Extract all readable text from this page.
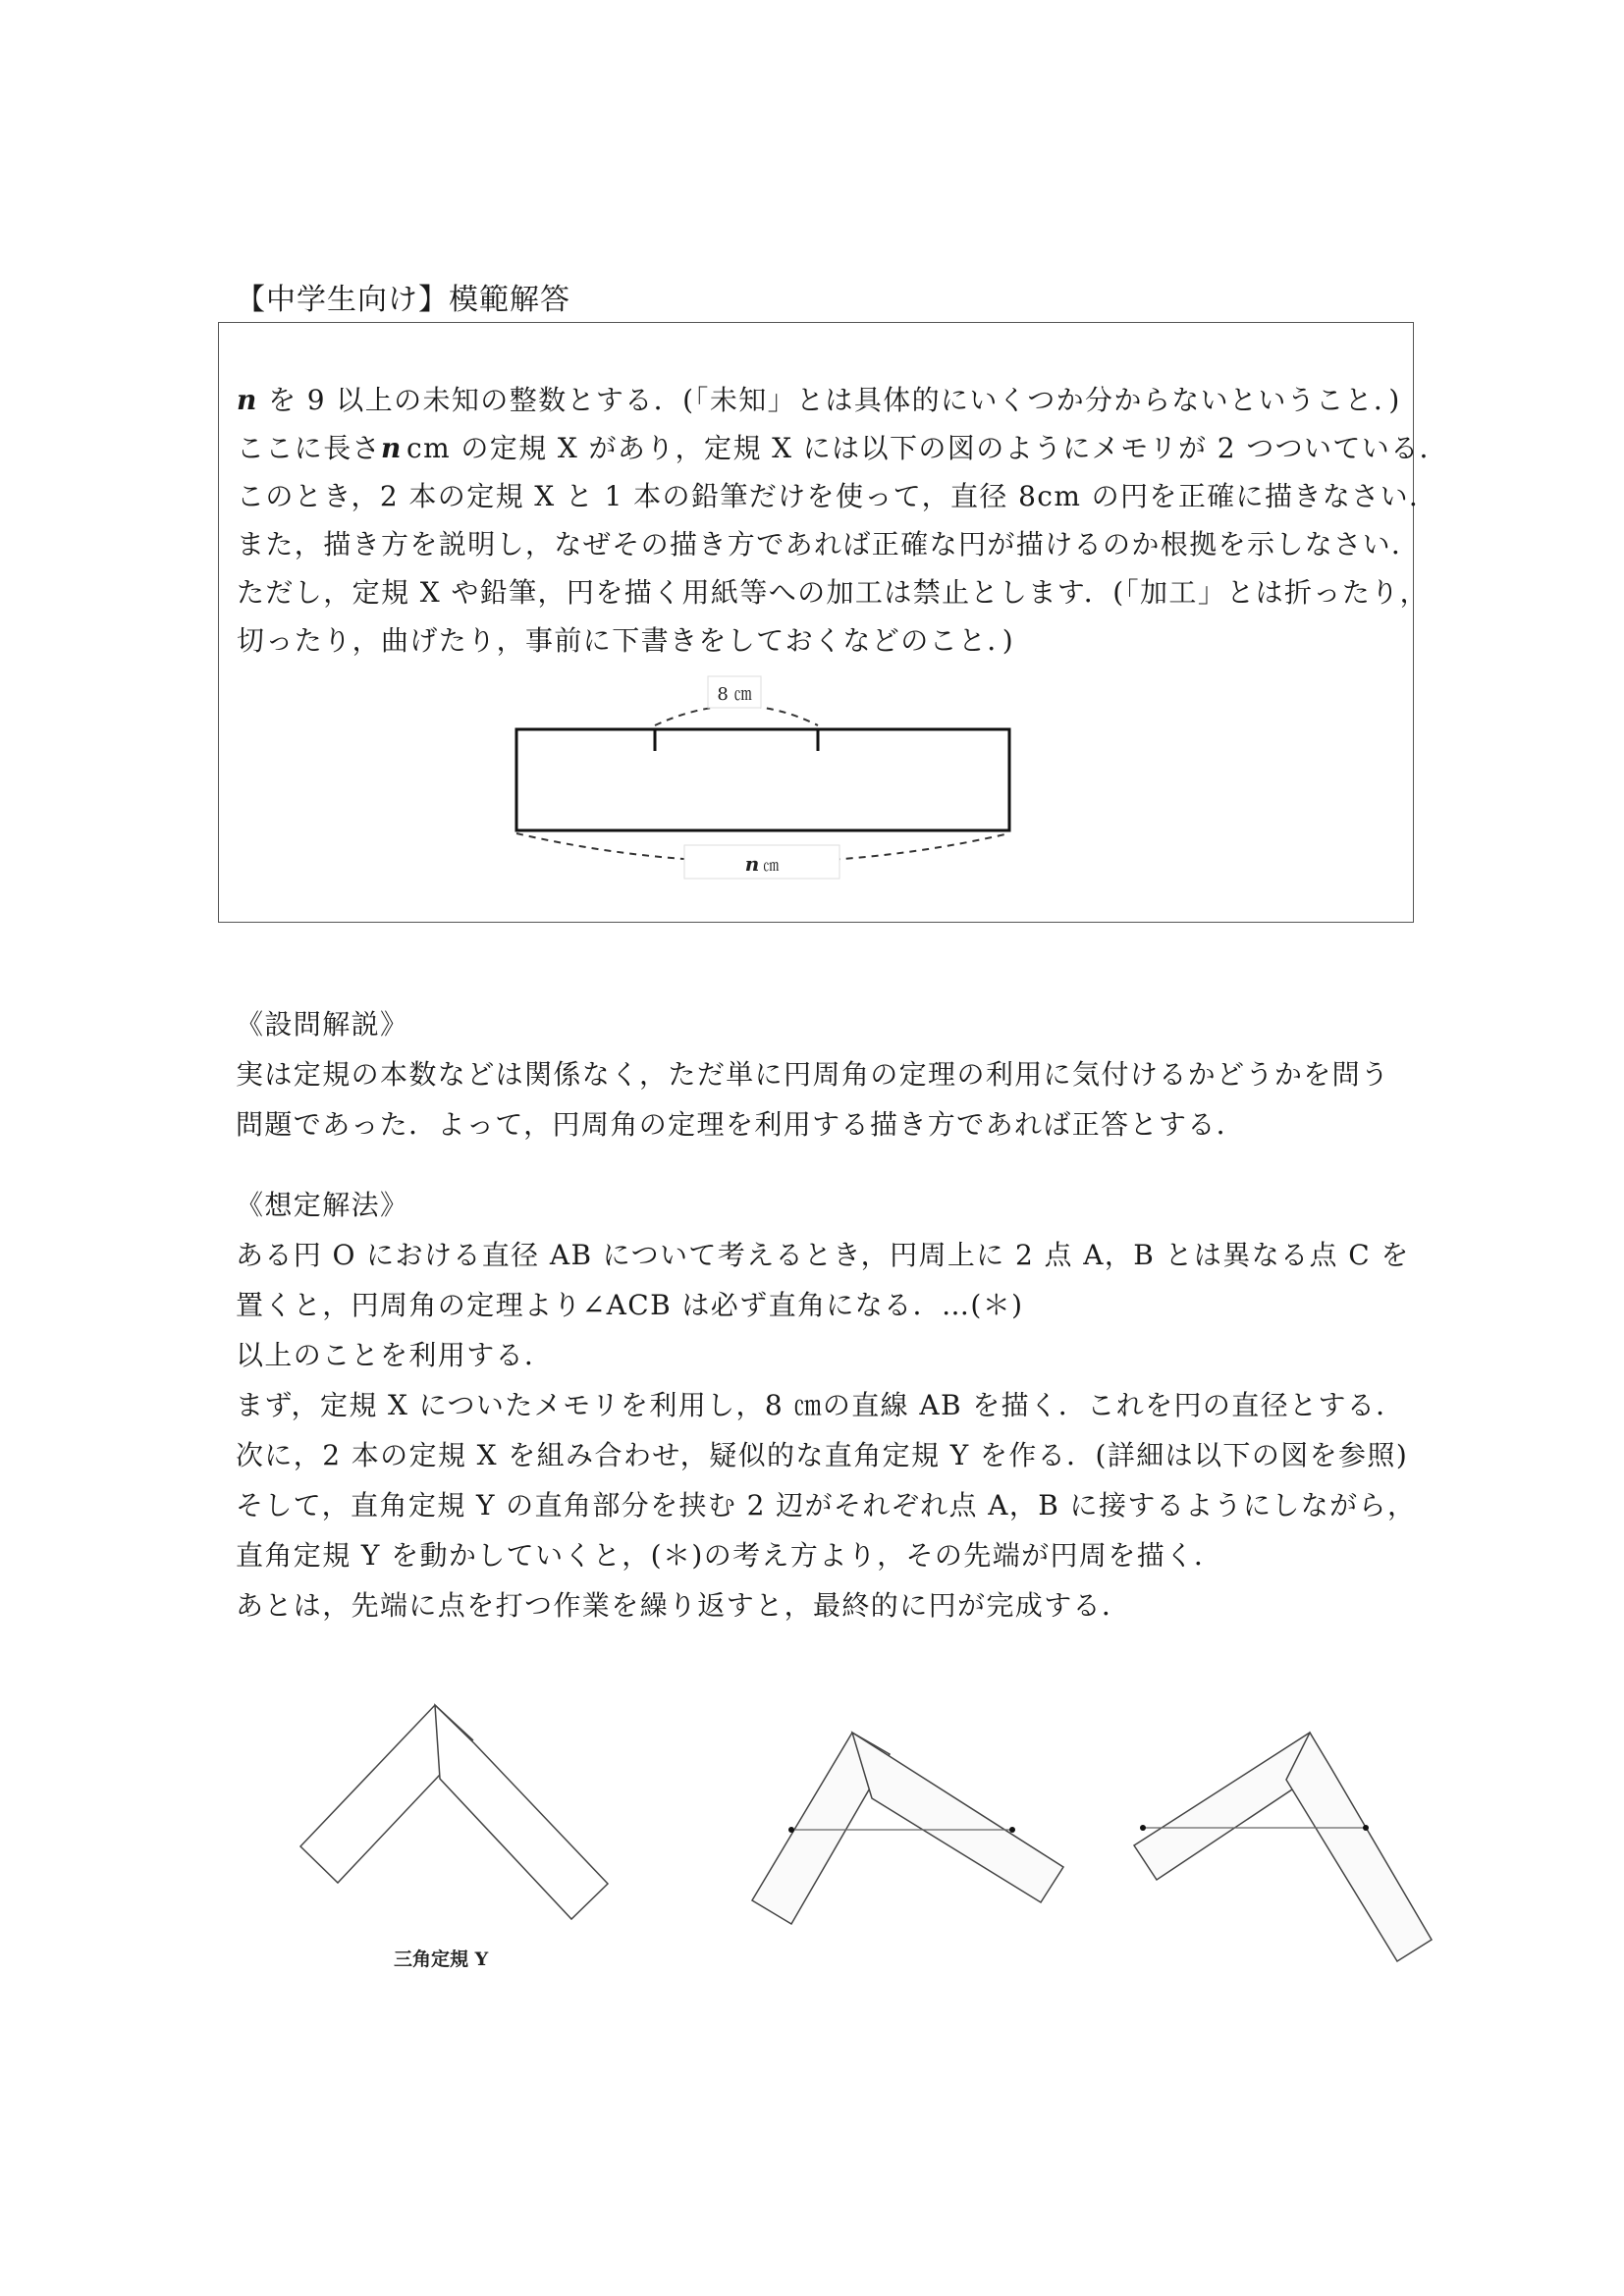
【中学生向け】模範解答
n を 9 以上の未知の整数とする．(「未知」とは具体的にいくつか分からないということ．)
ここに長さn  cm の定規 X があり，定規 X には以下の図のようにメモリが 2 つついている．
このとき，2 本の定規 X と 1 本の鉛筆だけを使って，直径 8cm の円を正確に描きなさい．
また，描き方を説明し，なぜその描き方であれば正確な円が描けるのか根拠を示しなさい．
ただし，定規 X や鉛筆，円を描く用紙等への加工は禁止とします．(「加工」とは折ったり，
切ったり，曲げたり，事前に下書きをしておくなどのこと．)
8 ㎝
n ㎝
《設問解説》
実は定規の本数などは関係なく，ただ単に円周角の定理の利用に気付けるかどうかを問う
問題であった．よって，円周角の定理を利用する描き方であれば正答とする．
《想定解法》
ある円 O における直径 AB について考えるとき，円周上に 2 点 A，B とは異なる点 C を
置くと，円周角の定理より∠ACB は必ず直角になる．…(＊)
以上のことを利用する．
まず，定規 X についたメモリを利用し，8 ㎝の直線 AB を描く．これを円の直径とする．
次に，2 本の定規 X を組み合わせ，疑似的な直角定規 Y を作る．(詳細は以下の図を参照)
そして，直角定規 Y の直角部分を挟む 2 辺がそれぞれ点 A，B に接するようにしながら，
直角定規 Y を動かしていくと，(＊)の考え方より，その先端が円周を描く．
あとは，先端に点を打つ作業を繰り返すと，最終的に円が完成する．
三角定規 Y
